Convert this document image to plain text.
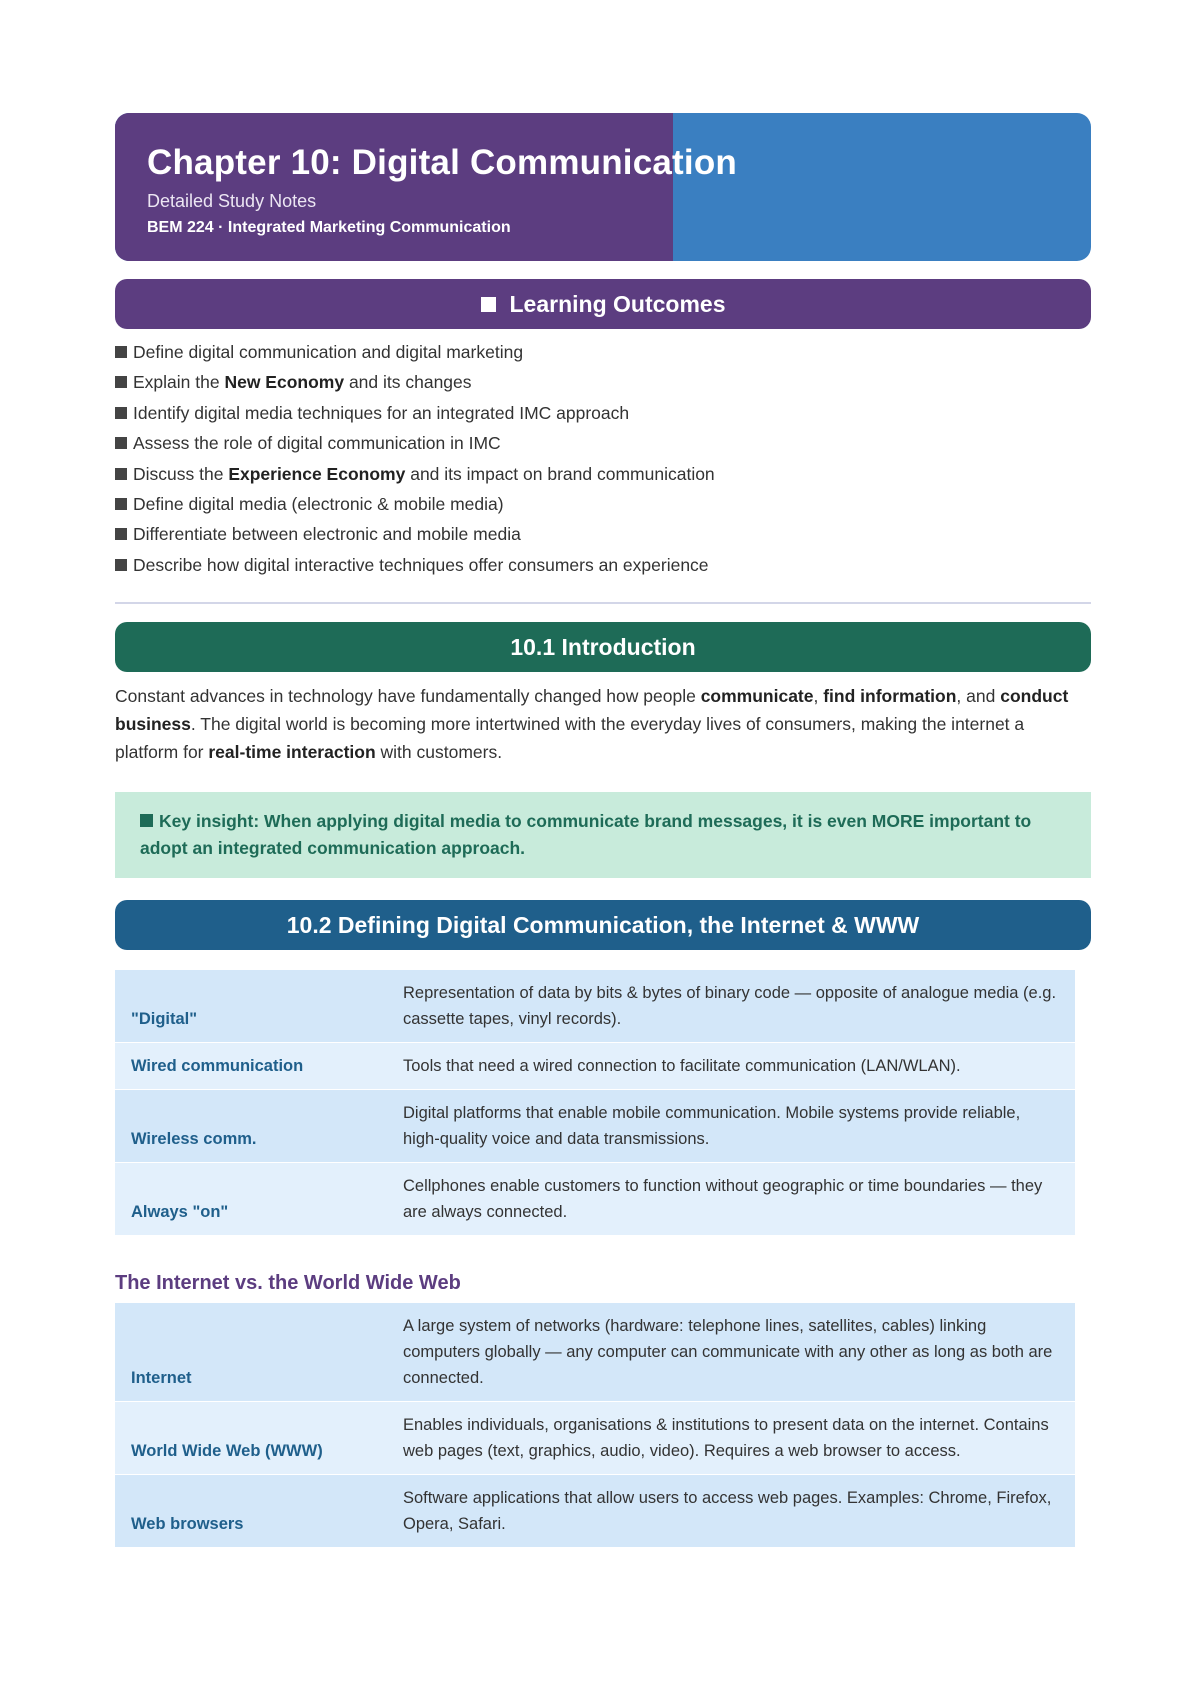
Chapter 10: Digital Communication
Detailed Study Notes
BEM 224 · Integrated Marketing Communication
Learning Outcomes
Define digital communication and digital marketing
Explain the New Economy and its changes
Identify digital media techniques for an integrated IMC approach
Assess the role of digital communication in IMC
Discuss the Experience Economy and its impact on brand communication
Define digital media (electronic & mobile media)
Differentiate between electronic and mobile media
Describe how digital interactive techniques offer consumers an experience
10.1 Introduction

Constant advances in technology have fundamentally changed how people communicate, find information, and conduct business. The digital world is becoming more intertwined with the everyday lives of consumers, making the internet a platform for real-time interaction with customers.

Key insight: When applying digital media to communicate brand messages, it is even MORE important to adopt an integrated communication approach.
10.2 Defining Digital Communication, the Internet & WWW
"Digital"	Representation of data by bits & bytes of binary code — opposite of analogue media (e.g. cassette tapes, vinyl records).
Wired communication	Tools that need a wired connection to facilitate communication (LAN/WLAN).
Wireless comm.	Digital platforms that enable mobile communication. Mobile systems provide reliable, high-quality voice and data transmissions.
Always "on"	Cellphones enable customers to function without geographic or time boundaries — they are always connected.
The Internet vs. the World Wide Web
Internet	A large system of networks (hardware: telephone lines, satellites, cables) linking computers globally — any computer can communicate with any other as long as both are connected.
World Wide Web (WWW)	Enables individuals, organisations & institutions to present data on the internet. Contains web pages (text, graphics, audio, video). Requires a web browser to access.
Web browsers	Software applications that allow users to access web pages. Examples: Chrome, Firefox, Opera, Safari.
